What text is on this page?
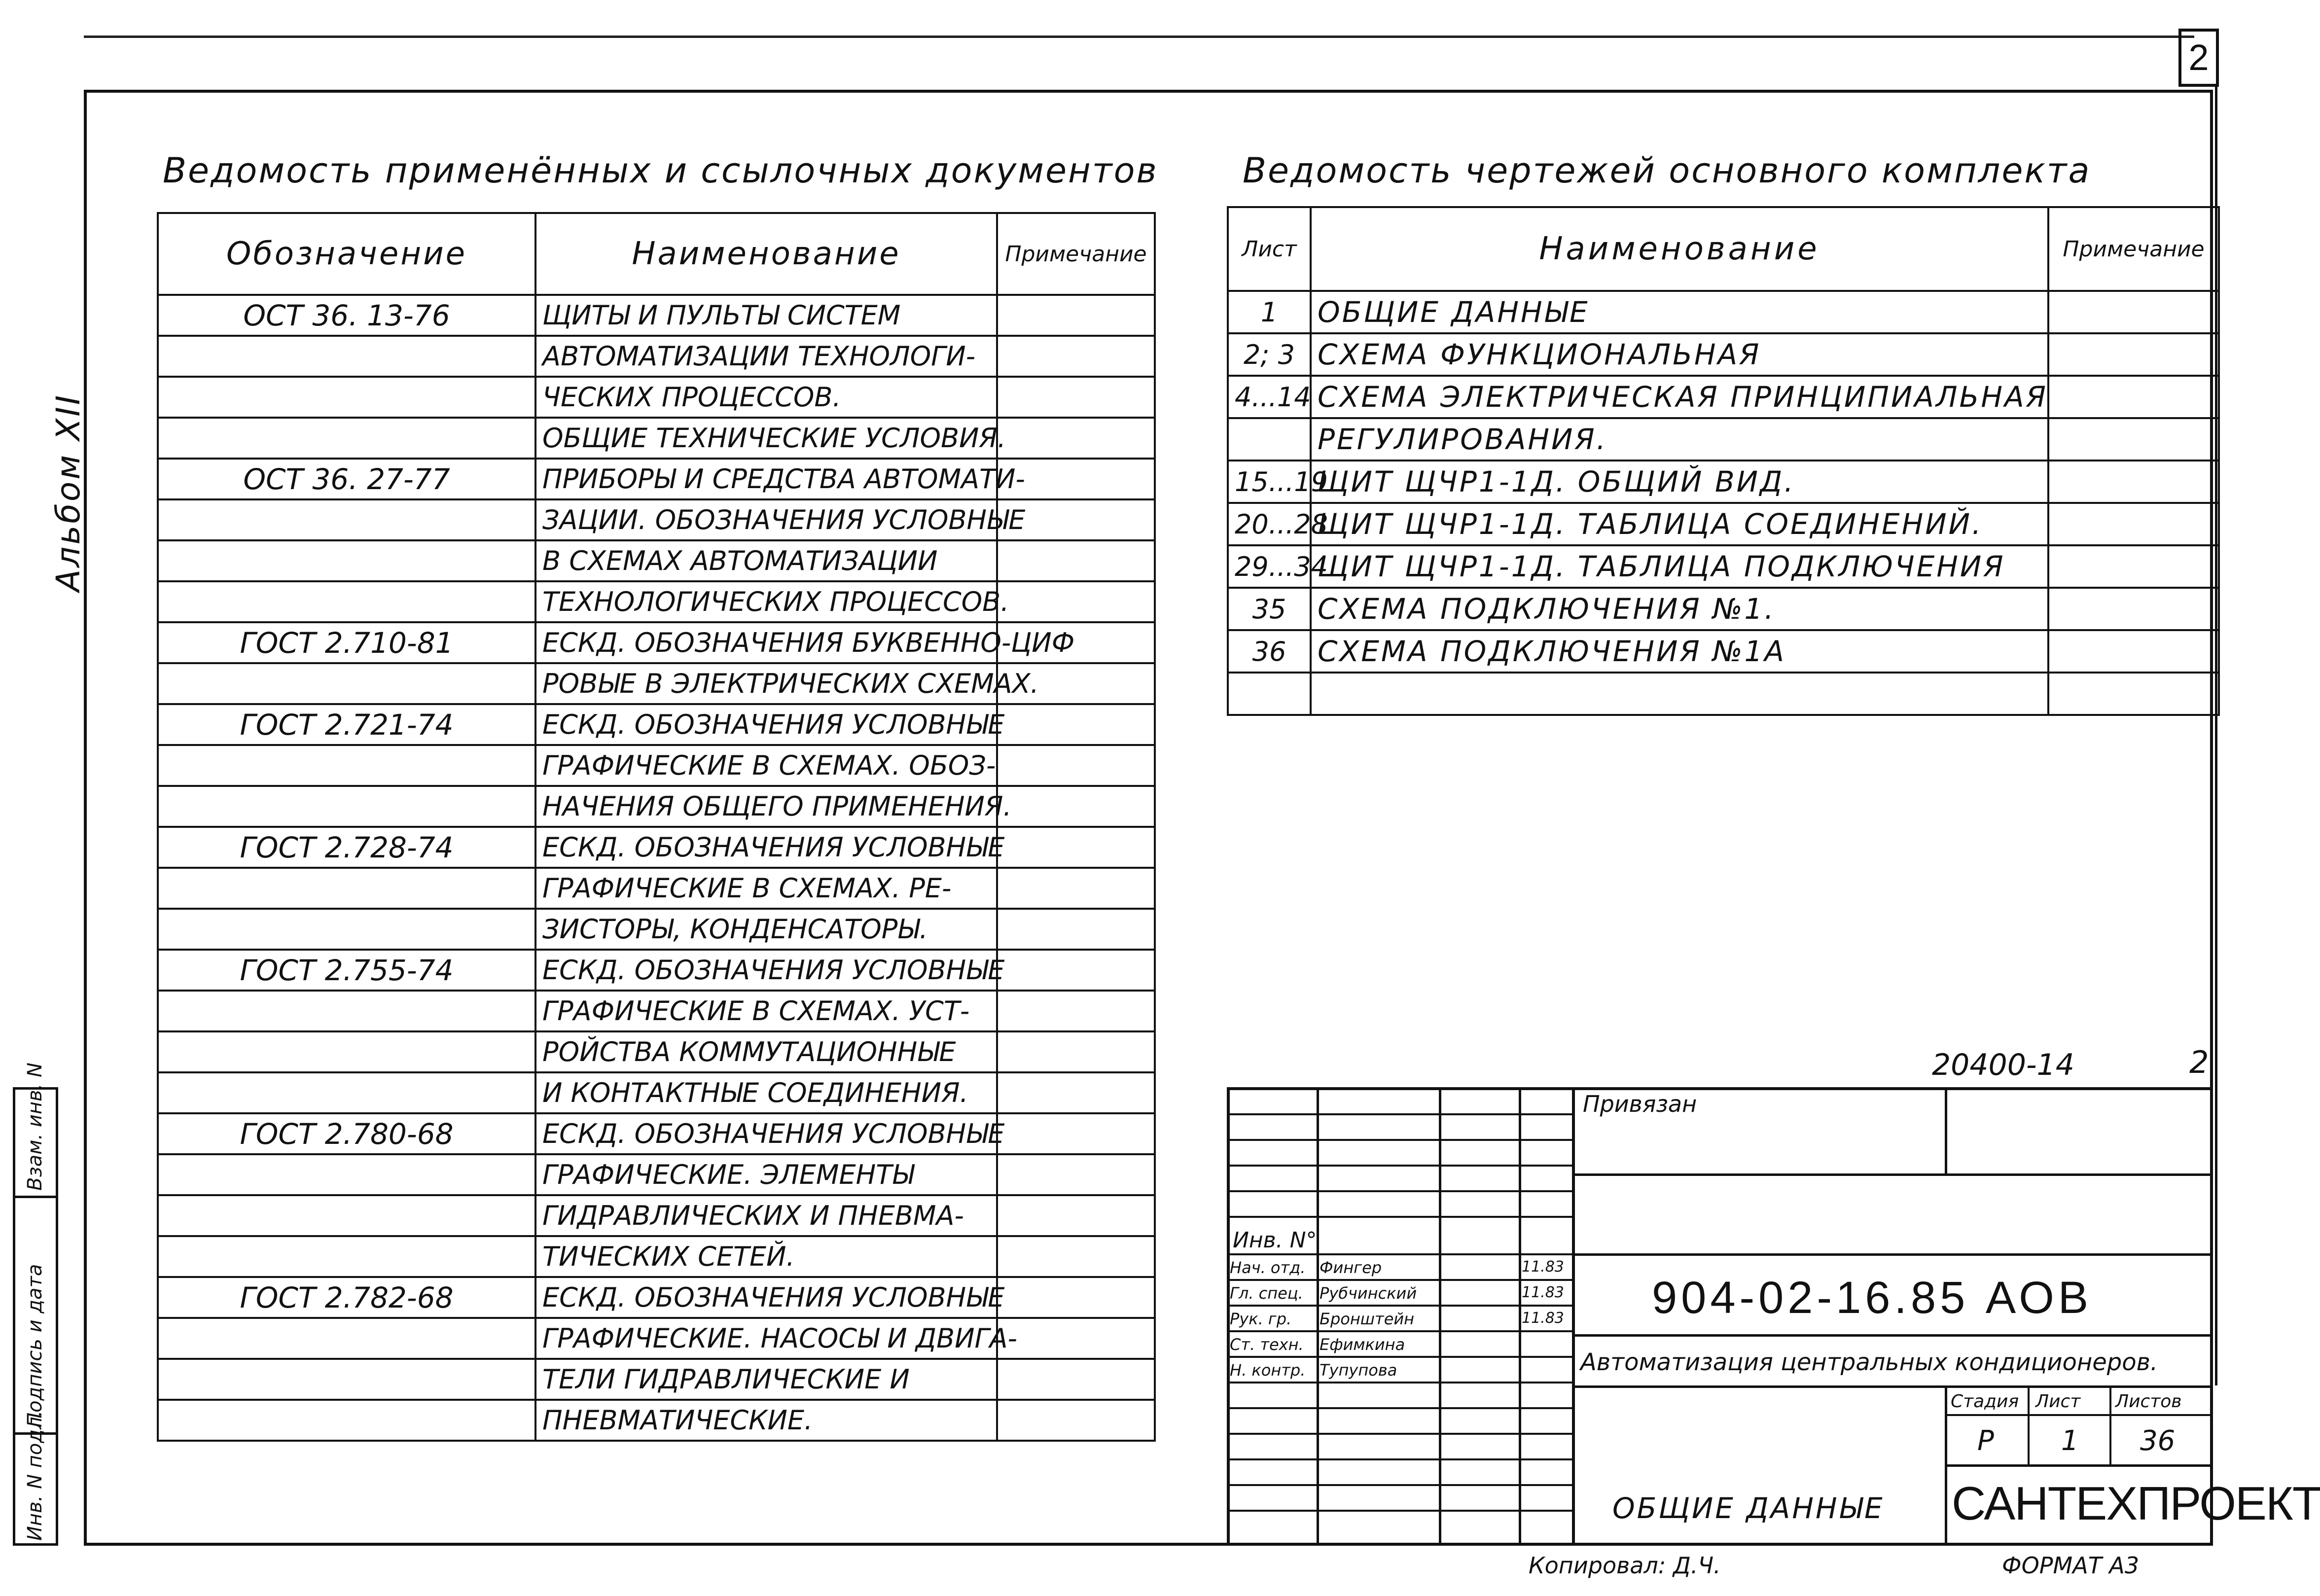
2
Альбом XII
Инв. N подл.
Подпись и дата
Взам. инв. N
Ведомость применённых и ссылочных документов Ведомость чертежей основного комплекта
Обозначение	Наименование	Примечание
ОСТ 36. 13-76	ЩИТЫ И ПУЛЬТЫ СИСТЕМ	
	АВТОМАТИЗАЦИИ ТЕХНОЛОГИ-	
	ЧЕСКИХ ПРОЦЕССОВ.	
	ОБЩИЕ ТЕХНИЧЕСКИЕ УСЛОВИЯ.	
ОСТ 36. 27-77	ПРИБОРЫ И СРЕДСТВА АВТОМАТИ-	
	ЗАЦИИ. ОБОЗНАЧЕНИЯ УСЛОВНЫЕ	
	В СХЕМАХ АВТОМАТИЗАЦИИ	
	ТЕХНОЛОГИЧЕСКИХ ПРОЦЕССОВ.	
ГОСТ 2.710-81	ЕСКД. ОБОЗНАЧЕНИЯ БУКВЕННО-ЦИФ	
	РОВЫЕ В ЭЛЕКТРИЧЕСКИХ СХЕМАХ.	
ГОСТ 2.721-74	ЕСКД. ОБОЗНАЧЕНИЯ УСЛОВНЫЕ	
	ГРАФИЧЕСКИЕ В СХЕМАХ. ОБОЗ-	
	НАЧЕНИЯ ОБЩЕГО ПРИМЕНЕНИЯ.	
ГОСТ 2.728-74	ЕСКД. ОБОЗНАЧЕНИЯ УСЛОВНЫЕ	
	ГРАФИЧЕСКИЕ В СХЕМАХ. РЕ-	
	ЗИСТОРЫ, КОНДЕНСАТОРЫ.	
ГОСТ 2.755-74	ЕСКД. ОБОЗНАЧЕНИЯ УСЛОВНЫЕ	
	ГРАФИЧЕСКИЕ В СХЕМАХ. УСТ-	
	РОЙСТВА КОММУТАЦИОННЫЕ	
	И КОНТАКТНЫЕ СОЕДИНЕНИЯ.	
ГОСТ 2.780-68	ЕСКД. ОБОЗНАЧЕНИЯ УСЛОВНЫЕ	
	ГРАФИЧЕСКИЕ. ЭЛЕМЕНТЫ	
	ГИДРАВЛИЧЕСКИХ И ПНЕВМА-	
	ТИЧЕСКИХ СЕТЕЙ.	
ГОСТ 2.782-68	ЕСКД. ОБОЗНАЧЕНИЯ УСЛОВНЫЕ	
	ГРАФИЧЕСКИЕ. НАСОСЫ И ДВИГА-	
	ТЕЛИ ГИДРАВЛИЧЕСКИЕ И	
	ПНЕВМАТИЧЕСКИЕ.	
Лист	Наименование	Примечание
1	ОБЩИЕ ДАННЫЕ	
2; 3	СХЕМА ФУНКЦИОНАЛЬНАЯ	
4...14	СХЕМА ЭЛЕКТРИЧЕСКАЯ ПРИНЦИПИАЛЬНАЯ	
	РЕГУЛИРОВАНИЯ.	
15...19	ЩИТ ЩЧР1-1Д. ОБЩИЙ ВИД.	
20...28	ЩИТ ЩЧР1-1Д. ТАБЛИЦА СОЕДИНЕНИЙ.	
29...34	ЩИТ ЩЧР1-1Д. ТАБЛИЦА ПОДКЛЮЧЕНИЯ	
35	СХЕМА ПОДКЛЮЧЕНИЯ №1.	
36	СХЕМА ПОДКЛЮЧЕНИЯ №1А	

20400-14	2
Привязан
Инв. N°
Нач. отд. Фингер	11.83
Гл. спец. Рубчинский	11.83
Рук. гр. Бронштейн	11.83
Ст. техн. Ефимкина
Н. контр. Тупупова
904-02-16.85 АОВ
Автоматизация центральных кондиционеров.
Стадия Лист Листов
Р 1 36
ОБЩИЕ ДАННЫЕ САНТЕХПРОЕКТ
Копировал: Д.Ч.	ФОРМАТ А3
